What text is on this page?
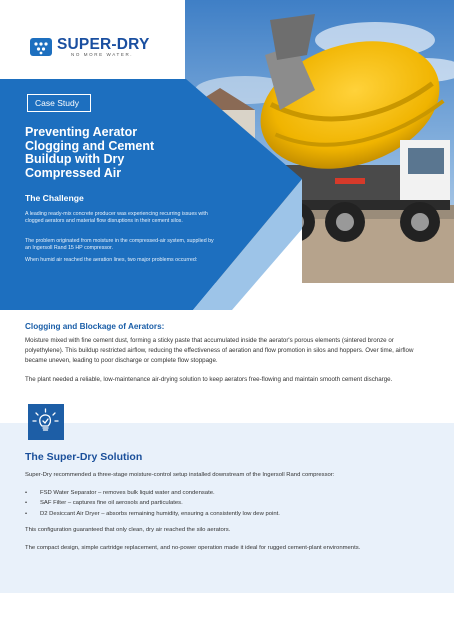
SUPER-DRY
NO MORE WATER.
Case Study
Preventing Aerator Clogging and Cement Buildup with Dry Compressed Air
The Challenge

A leading ready-mix concrete producer was experiencing recurring issues with clogged aerators and material flow disruptions in their cement silos.

The problem originated from moisture in the compressed-air system, supplied by an Ingersoll Rand 15 HP compressor.

When humid air reached the aeration lines, two major problems occurred:

Clogging and Blockage of Aerators:

Moisture mixed with fine cement dust, forming a sticky paste that accumulated inside the aerator's porous elements (sintered bronze or polyethylene). This buildup restricted airflow, reducing the effectiveness of aeration and flow promotion in silos and hoppers. Over time, airflow became uneven, leading to poor discharge or complete flow stoppage.

The plant needed a reliable, low-maintenance air-drying solution to keep aerators free-flowing and maintain smooth cement discharge.

The Super-Dry Solution

Super-Dry recommended a three-stage moisture-control setup installed downstream of the Ingersoll Rand compressor:

• FSD Water Separator – removes bulk liquid water and condensate.
• SAF Filter – captures fine oil aerosols and particulates.
• D2 Desiccant Air Dryer – absorbs remaining humidity, ensuring a consistently low dew point.

This configuration guaranteed that only clean, dry air reached the silo aerators.

The compact design, simple cartridge replacement, and no-power operation made it ideal for rugged cement-plant environments.
